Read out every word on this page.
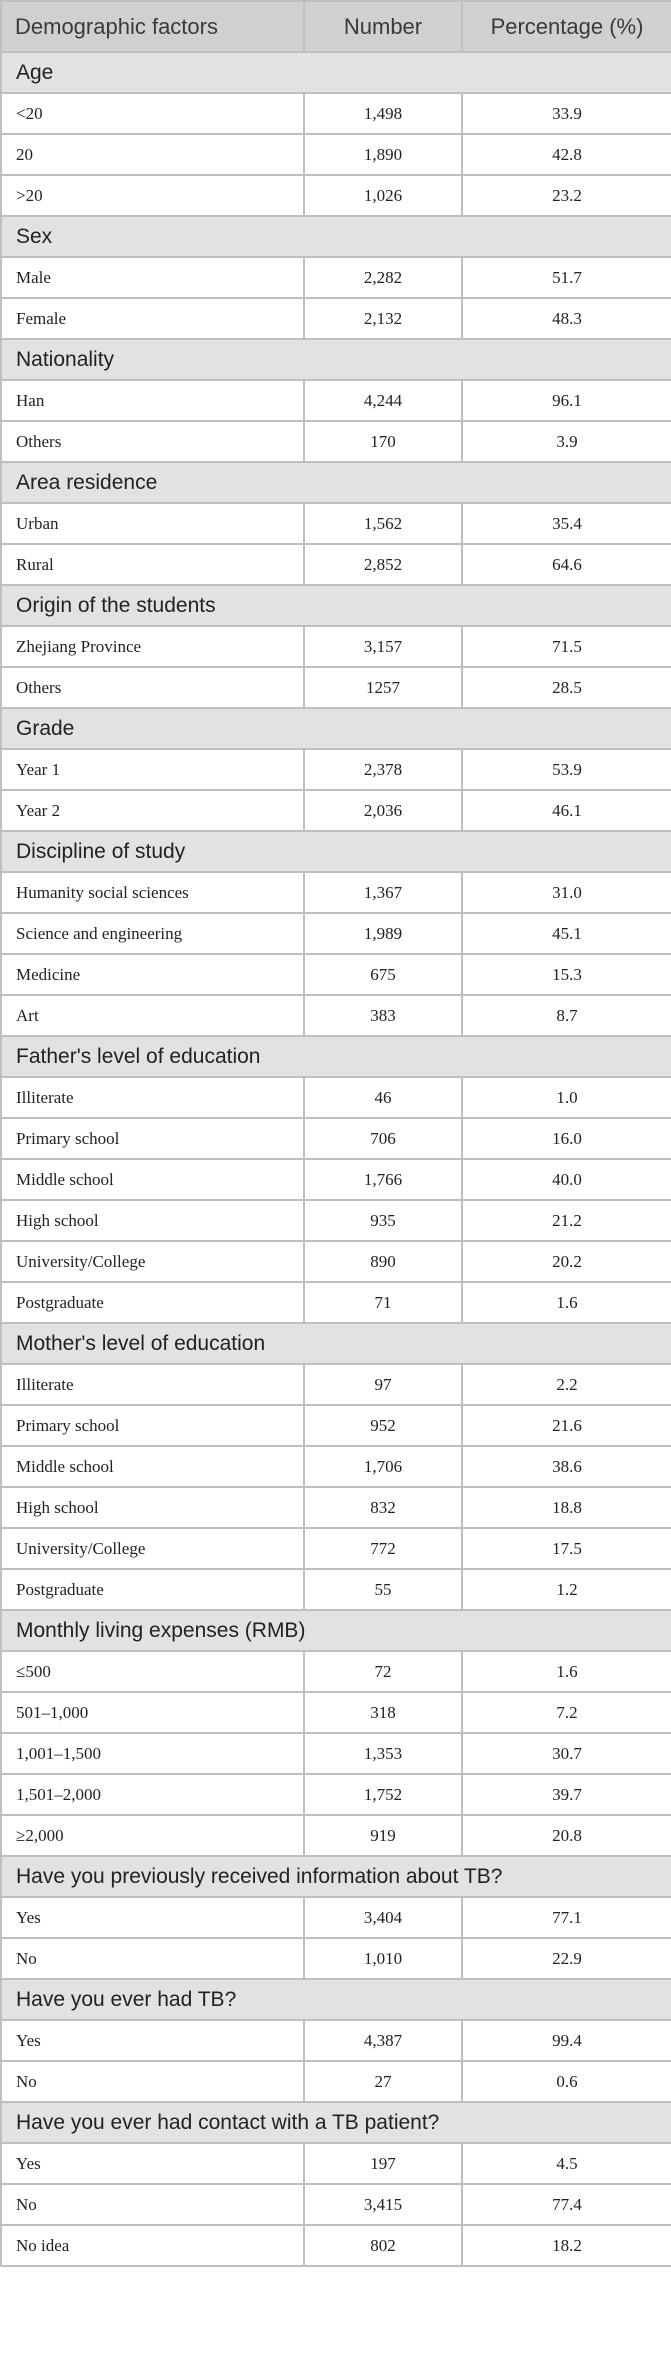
Demographic factors	Number	Percentage (%)
Age		
<20	1,498	33.9
20	1,890	42.8
>20	1,026	23.2
Sex		
Male	2,282	51.7
Female	2,132	48.3
Nationality		
Han	4,244	96.1
Others	170	3.9
Area residence		
Urban	1,562	35.4
Rural	2,852	64.6
Origin of the students		
Zhejiang Province	3,157	71.5
Others	1257	28.5
Grade		
Year 1	2,378	53.9
Year 2	2,036	46.1
Discipline of study		
Humanity social sciences	1,367	31.0
Science and engineering	1,989	45.1
Medicine	675	15.3
Art	383	8.7
Father's level of education		
Illiterate	46	1.0
Primary school	706	16.0
Middle school	1,766	40.0
High school	935	21.2
University/College	890	20.2
Postgraduate	71	1.6
Mother's level of education		
Illiterate	97	2.2
Primary school	952	21.6
Middle school	1,706	38.6
High school	832	18.8
University/College	772	17.5
Postgraduate	55	1.2
Monthly living expenses (RMB)		
≤500	72	1.6
501–1,000	318	7.2
1,001–1,500	1,353	30.7
1,501–2,000	1,752	39.7
≥2,000	919	20.8
Have you previously received information about TB?		
Yes	3,404	77.1
No	1,010	22.9
Have you ever had TB?		
Yes	4,387	99.4
No	27	0.6
Have you ever had contact with a TB patient?		
Yes	197	4.5
No	3,415	77.4
No idea	802	18.2
